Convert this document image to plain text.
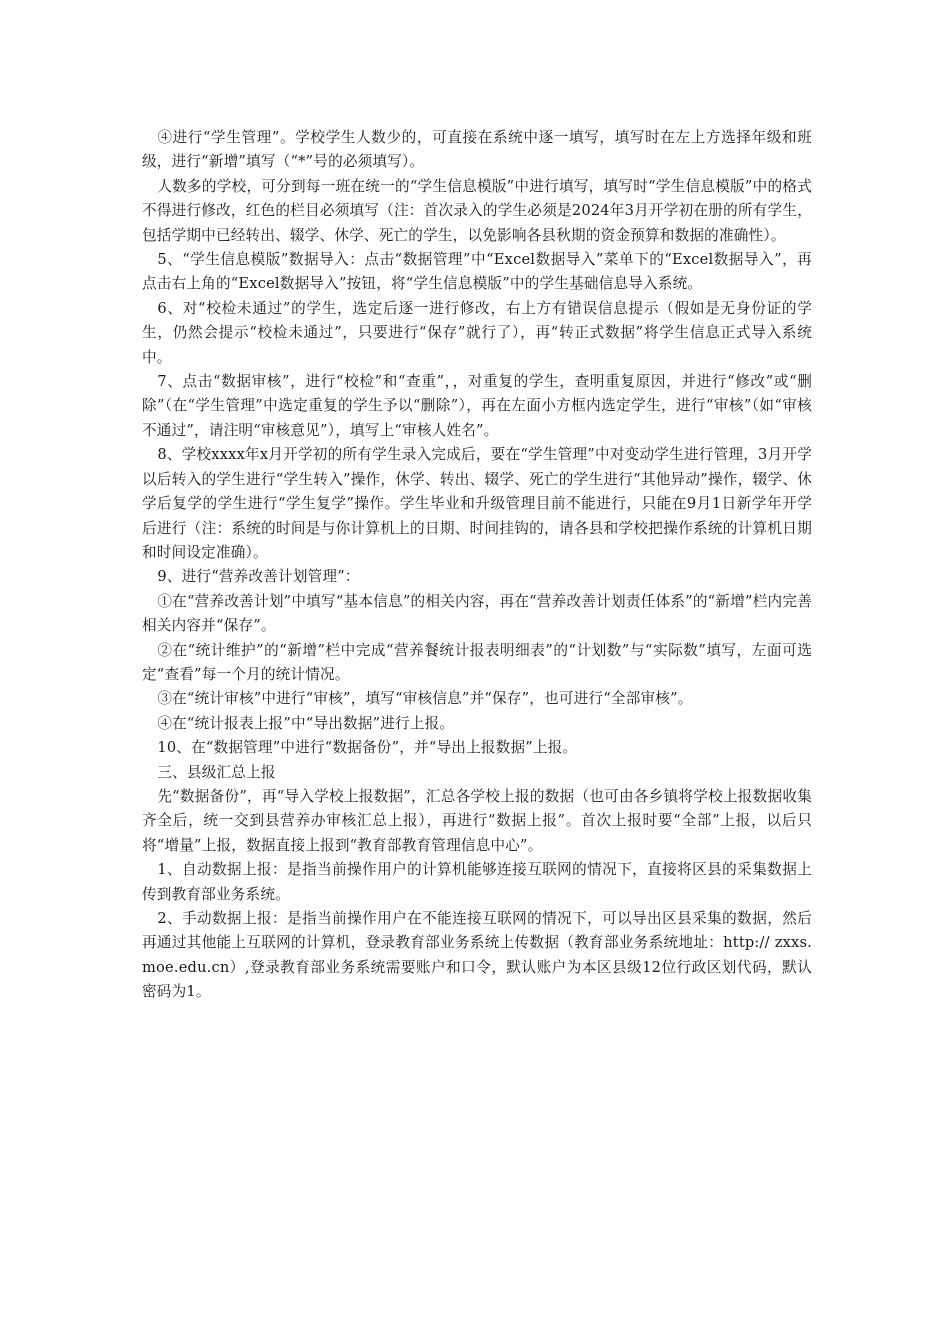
④进行“学生管理”。学校学生人数少的，可直接在系统中逐一填写，填写时在左上方选择年级和班级，进行“新增”填写（“*”号的必须填写）。

人数多的学校，可分到每一班在统一的“学生信息模版”中进行填写，填写时“学生信息模版”中的格式不得进行修改，红色的栏目必须填写（注：首次录入的学生必须是2024年3月开学初在册的所有学生，包括学期中已经转出、辍学、休学、死亡的学生，以免影响各县秋期的资金预算和数据的准确性）。

5、“学生信息模版”数据导入：点击“数据管理”中“Excel数据导入”菜单下的“Excel数据导入”，再点击右上角的“Excel数据导入”按钮，将“学生信息模版”中的学生基础信息导入系统。

6、对“校检未通过”的学生，选定后逐一进行修改，右上方有错误信息提示（假如是无身份证的学生，仍然会提示“校检未通过”，只要进行“保存”就行了），再“转正式数据”将学生信息正式导入系统中。

7、点击“数据审核”，进行“校检”和“查重”，，对重复的学生，查明重复原因，并进行“修改”或“删除”（在“学生管理”中选定重复的学生予以“删除”），再在左面小方框内选定学生，进行“审核”（如“审核不通过”，请注明“审核意见”），填写上“审核人姓名”。

8、学校xxxx年x月开学初的所有学生录入完成后，要在“学生管理”中对变动学生进行管理，3月开学以后转入的学生进行“学生转入”操作，休学、转出、辍学、死亡的学生进行“其他异动”操作，辍学、休学后复学的学生进行“学生复学”操作。学生毕业和升级管理目前不能进行，只能在9月1日新学年开学后进行（注：系统的时间是与你计算机上的日期、时间挂钩的，请各县和学校把操作系统的计算机日期和时间设定准确）。

9、进行“营养改善计划管理”：

①在“营养改善计划”中填写“基本信息”的相关内容，再在“营养改善计划责任体系”的“新增”栏内完善相关内容并“保存”。

②在“统计维护”的“新增”栏中完成“营养餐统计报表明细表”的“计划数”与“实际数”填写，左面可选定“查看”每一个月的统计情况。

③在“统计审核”中进行“审核”，填写“审核信息”并“保存”，也可进行“全部审核”。

④在“统计报表上报”中“导出数据”进行上报。

10、在“数据管理”中进行“数据备份”，并“导出上报数据”上报。

三、县级汇总上报

先“数据备份”，再“导入学校上报数据”，汇总各学校上报的数据（也可由各乡镇将学校上报数据收集齐全后，统一交到县营养办审核汇总上报），再进行“数据上报”。首次上报时要“全部”上报，以后只将“增量”上报，数据直接上报到“教育部教育管理信息中心”。

1、自动数据上报：是指当前操作用户的计算机能够连接互联网的情况下，直接将区县的采集数据上传到教育部业务系统。

2、手动数据上报：是指当前操作用户在不能连接互联网的情况下，可以导出区县采集的数据，然后再通过其他能上互联网的计算机，登录教育部业务系统上传数据（教育部业务系统地址：http:// zxxs.moe.edu.cn）,登录教育部业务系统需要账户和口令，默认账户为本区县级12位行政区划代码，默认密码为1。
